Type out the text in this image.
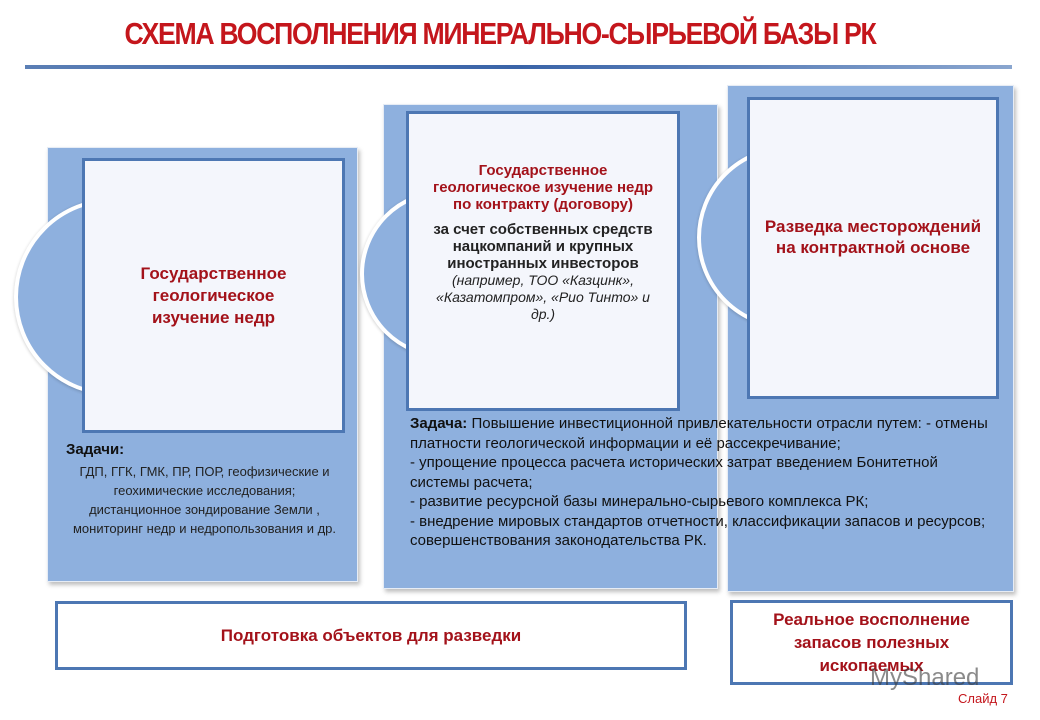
СХЕМА ВОСПОЛНЕНИЯ МИНЕРАЛЬНО-СЫРЬЕВОЙ БАЗЫ РК
Государственное геологическое изучение недр
Задачи:
ГДП, ГГК, ГМК, ПР, ПОР, геофизические и геохимические исследования; дистанционное зондирование Земли , мониторинг недр и недропользования и др.
Государственное геологическое изучение недр по контракту (договору)
за счет собственных средств нацкомпаний и крупных иностранных инвесторов (например, ТОО «Казцинк», «Казатомпром», «Рио Тинто» и др.)
Разведка месторождений на контрактной основе
Задача: Повышение инвестиционной привлекательности отрасли путем: - отмены платности геологической информации и её рассекречивание;
- упрощение процесса расчета исторических затрат введением Бонитетной системы расчета;
- развитие ресурсной базы минерально-сырьевого комплекса РК;
- внедрение мировых стандартов отчетности, классификации запасов и ресурсов; совершенствования законодательства РК.
Подготовка объектов для разведки
Реальное восполнение запасов полезных ископаемых
MyShared
Слайд 7
